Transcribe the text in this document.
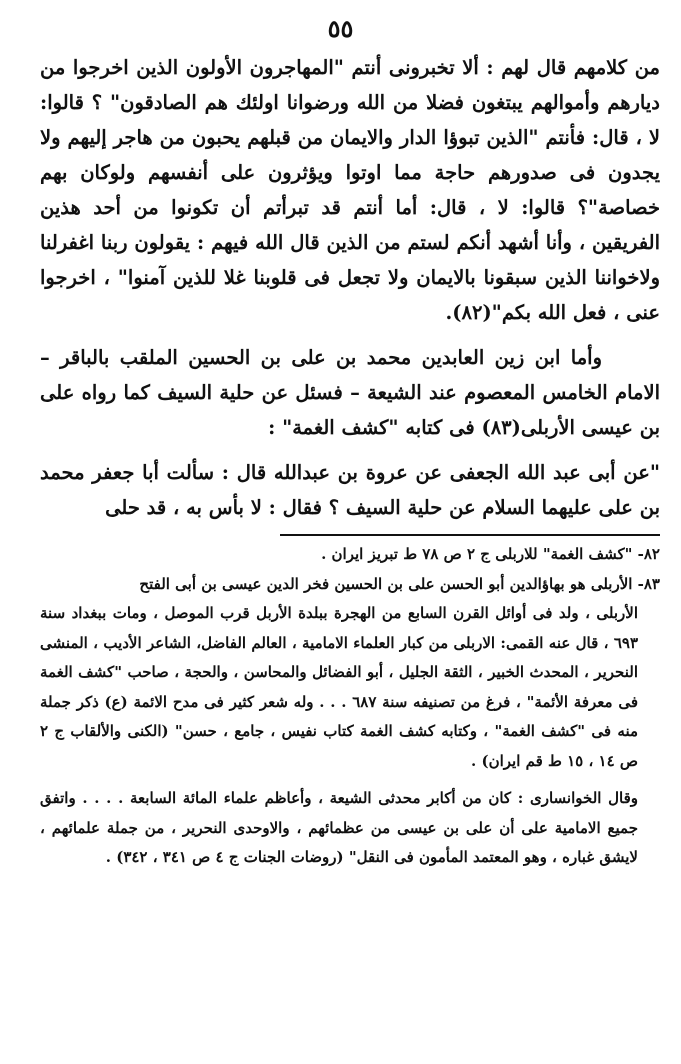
٥٥

من كلامهم قال لهم : ألا تخبرونى أنتم "المهاجرون الأولون الذين اخرجوا من ديارهم وأموالهم يبتغون فضلا من الله ورضوانا اولئك هم الصادقون" ؟ قالوا: لا ، قال: فأنتم "الذين تبوؤا الدار والايمان من قبلهم يحبون من هاجر إليهم ولا يجدون فى صدورهم حاجة مما اوتوا ويؤثرون على أنفسهم ولوكان بهم خصاصة"؟ قالوا: لا ، قال: أما أنتم قد تبرأتم أن تكونوا من أحد هذين الفريقين ، وأنا أشهد أنكم لستم من الذين قال الله فيهم : يقولون ربنا اغفرلنا ولاخواننا الذين سبقونا بالايمان ولا تجعل فى قلوبنا غلا للذين آمنوا" ، اخرجوا عنى ، فعل الله بكم"(٨٢).

وأما ابن زين العابدين محمد بن على بن الحسين الملقب بالباقر – الامام الخامس المعصوم عند الشيعة – فسئل عن حلية السيف كما رواه على بن عيسى الأربلى(٨٣) فى كتابه "كشف الغمة" :

"عن أبى عبد الله الجعفى عن عروة بن عبدالله قال : سألت أبا جعفر محمد بن على عليهما السلام عن حلية السيف ؟ فقال : لا بأس به ، قد حلى

٨٢- "كشف الغمة" للاربلى ج ٢ ص ٧٨ ط تبريز ايران .

٨٣- الأربلى هو بهاؤالدين أبو الحسن على بن الحسين فخر الدين عيسى بن أبى الفتح

الأربلى ، ولد فى أوائل القرن السابع من الهجرة ببلدة الأربل قرب الموصل ، ومات ببغداد سنة ٦٩٣ ، قال عنه القمى: الاربلى من كبار العلماء الامامية ، العالم الفاضل، الشاعر الأديب ، المنشى النحرير ، المحدث الخبير ، الثقة الجليل ، أبو الفضائل والمحاسن ، والحجة ، صاحب "كشف الغمة فى معرفة الأئمة" ، فرغ من تصنيفه سنة ٦٨٧ . . . وله شعر كثير فى مدح الائمة (ع) ذكر جملة منه فى "كشف الغمة" ، وكتابه كشف الغمة كتاب نفيس ، جامع ، حسن" (الكنى والألقاب ج ٢ ص ١٤ ، ١٥ ط قم ايران) .

وقال الخوانسارى : كان من أكابر محدثى الشيعة ، وأعاظم علماء المائة السابعة . . . . واتفق جميع الامامية على أن على بن عيسى من عظمائهم ، والاوحدى النحرير ، من جملة علمائهم ، لايشق غباره ، وهو المعتمد المأمون فى النقل" (روضات الجنات ج ٤ ص ٣٤١ ، ٣٤٢) .
